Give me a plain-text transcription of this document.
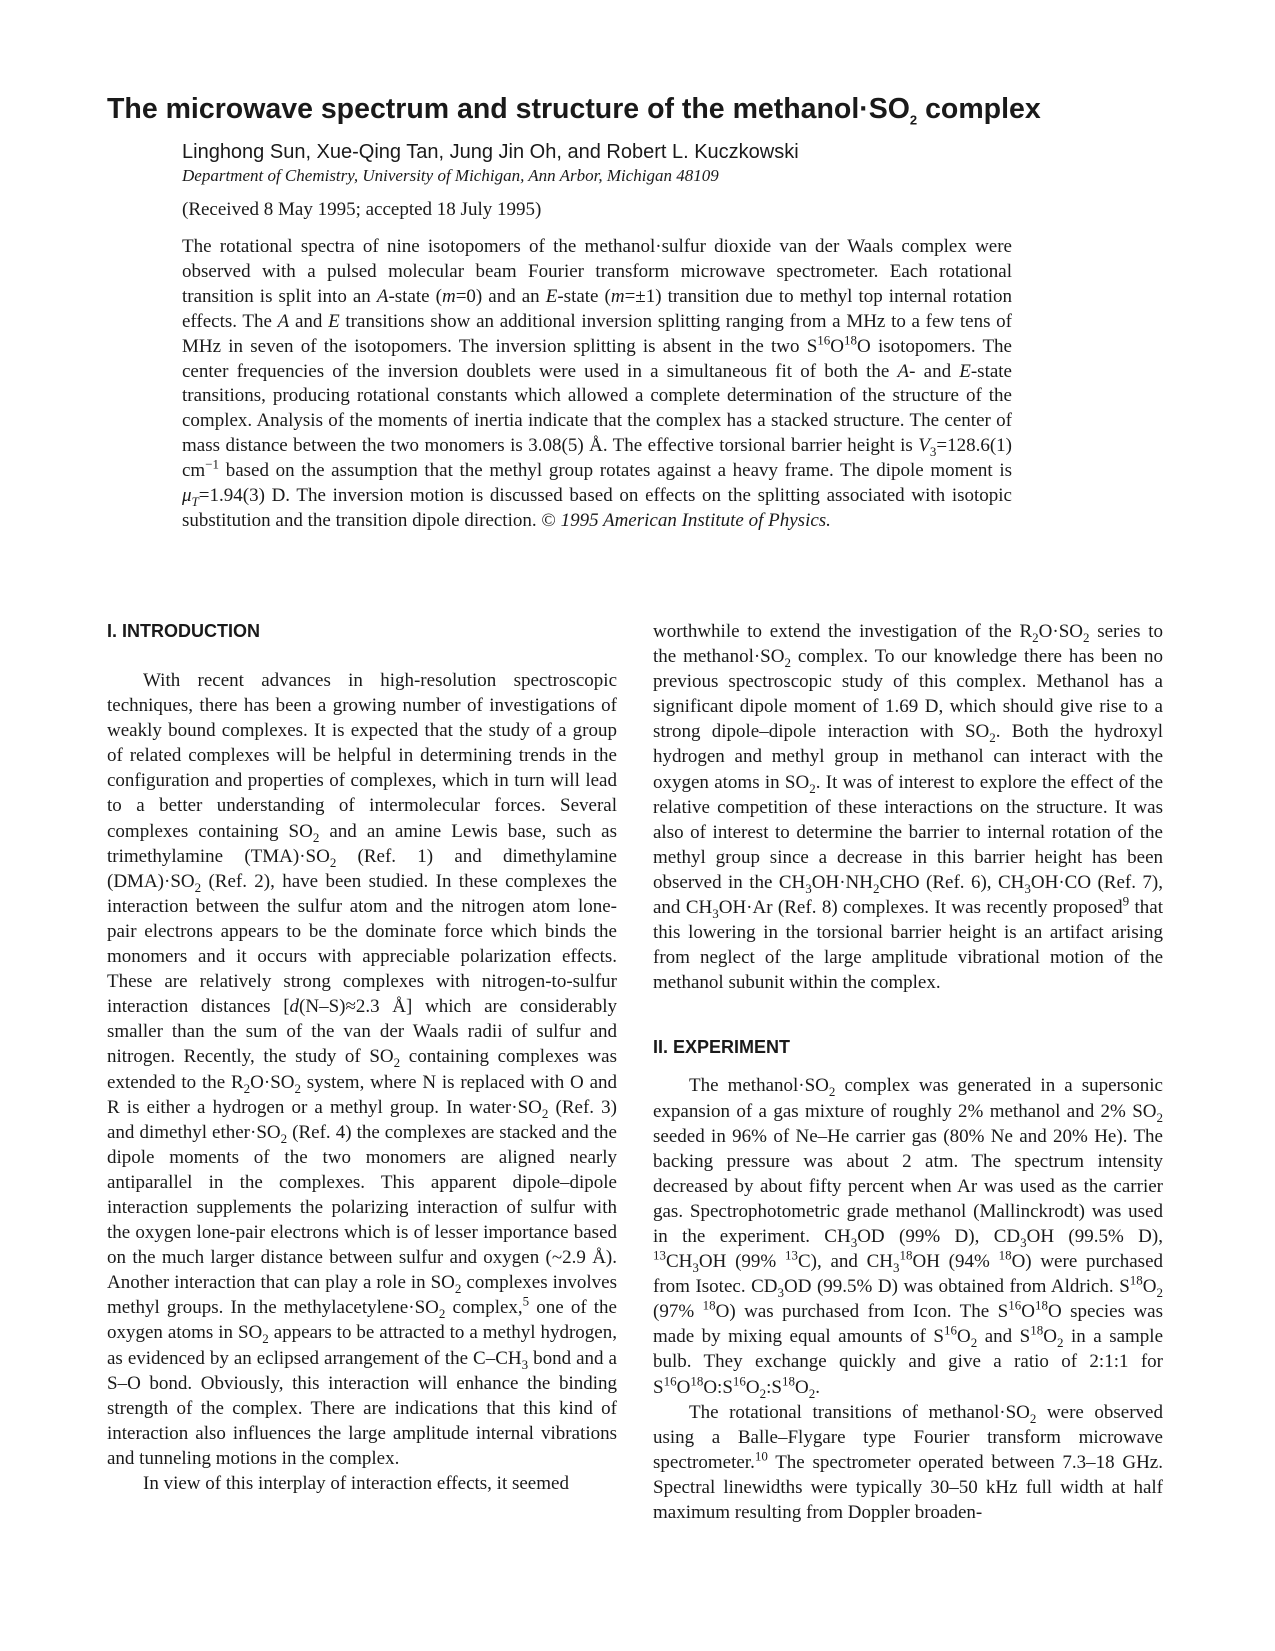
The microwave spectrum and structure of the $methanol\cdot SO_2$ complex
Linghong Sun, Xue-Qing Tan, Jung Jin Oh, and Robert L. Kuczkowski
Department of Chemistry, University of Michigan, Ann Arbor, Michigan 48109
(Received 8 May 1995; accepted 18 July 1995)
The rotational spectra of nine isotopomers of the methanol·sulfur dioxide van der Waals complex were observed with a pulsed molecular beam Fourier transform microwave spectrometer. Each rotational transition is split into an A-state (m=0) and an E-state (m=±1) transition due to methyl top internal rotation effects. The A and E transitions show an additional inversion splitting ranging from a MHz to a few tens of MHz in seven of the isotopomers. The inversion splitting is absent in the two $S^{16}O^{18}O$ isotopomers. The center frequencies of the inversion doublets were used in a simultaneous fit of both the A- and E-state transitions, producing rotational constants which allowed a complete determination of the structure of the complex. Analysis of the moments of inertia indicate that the complex has a stacked structure. The center of mass distance between the two monomers is 3.08(5) Å. The effective torsional barrier height is $V_3=128.6(1)$ $cm^{-1}$ based on the assumption that the methyl group rotates against a heavy frame. The dipole moment is $\mu_T=1.94(3)$ D. The inversion motion is discussed based on effects on the splitting associated with isotopic substitution and the transition dipole direction. © 1995 American Institute of Physics.

I. INTRODUCTION

With recent advances in high-resolution spectroscopic techniques, there has been a growing number of investigations of weakly bound complexes. It is expected that the study of a group of related complexes will be helpful in determining trends in the configuration and properties of complexes, which in turn will lead to a better understanding of intermolecular forces. Several complexes containing $SO_2$ and an amine Lewis base, such as trimethylamine $(TMA)\cdot SO_2$ (Ref. 1) and dimethylamine $(DMA)\cdot SO_2$ (Ref. 2), have been studied. In these complexes the interaction between the sulfur atom and the nitrogen atom lone-pair electrons appears to be the dominate force which binds the monomers and it occurs with appreciable polarization effects. These are relatively strong complexes with nitrogen-to-sulfur interaction distances [d(N–S)≈2.3 Å] which are considerably smaller than the sum of the van der Waals radii of sulfur and nitrogen. Recently, the study of $SO_2$ containing complexes was extended to the $R_2O\cdot SO_2$ system, where N is replaced with O and R is either a hydrogen or a methyl group. In $water\cdot SO_2$ (Ref. 3) and dimethyl $ether\cdot SO_2$ (Ref. 4) the complexes are stacked and the dipole moments of the two monomers are aligned nearly antiparallel in the complexes. This apparent dipole–dipole interaction supplements the polarizing interaction of sulfur with the oxygen lone-pair electrons which is of lesser importance based on the much larger distance between sulfur and oxygen (~2.9 Å). Another interaction that can play a role in $SO_2$ complexes involves methyl groups. In the $methylacetylene\cdot SO_2$ complex,$^5$ one of the oxygen atoms in $SO_2$ appears to be attracted to a methyl hydrogen, as evidenced by an eclipsed arrangement of the $C-CH_3$ bond and a S–O bond. Obviously, this interaction will enhance the binding strength of the complex. There are indications that this kind of interaction also influences the large amplitude internal vibrations and tunneling motions in the complex.

In view of this interplay of interaction effects, it seemed

worthwhile to extend the investigation of the $R_2O\cdot SO_2$ series to the $methanol\cdot SO_2$ complex. To our knowledge there has been no previous spectroscopic study of this complex. Methanol has a significant dipole moment of 1.69 D, which should give rise to a strong dipole–dipole interaction with $SO_2$. Both the hydroxyl hydrogen and methyl group in methanol can interact with the oxygen atoms in $SO_2$. It was of interest to explore the effect of the relative competition of these interactions on the structure. It was also of interest to determine the barrier to internal rotation of the methyl group since a decrease in this barrier height has been observed in the $CH_3OH\cdot NH_2CHO$ (Ref. 6), $CH_3OH\cdot CO$ (Ref. 7), and $CH_3OH\cdot Ar$ (Ref. 8) complexes. It was recently proposed$^9$ that this lowering in the torsional barrier height is an artifact arising from neglect of the large amplitude vibrational motion of the methanol subunit within the complex.

II. EXPERIMENT

The $methanol\cdot SO_2$ complex was generated in a supersonic expansion of a gas mixture of roughly 2% methanol and 2% $SO_2$ seeded in 96% of Ne–He carrier gas (80% Ne and 20% He). The backing pressure was about 2 atm. The spectrum intensity decreased by about fifty percent when Ar was used as the carrier gas. Spectrophotometric grade methanol (Mallinckrodt) was used in the experiment. $CH_3OD$ (99% D), $CD_3OH$ (99.5% D), $^{13}CH_3OH$ (99% $^{13}$C), and $CH_3^{18}OH$ (94% $^{18}$O) were purchased from Isotec. $CD_3OD$ (99.5% D) was obtained from Aldrich. $S^{18}O_2$ (97% $^{18}$O) was purchased from Icon. The $S^{16}O^{18}O$ species was made by mixing equal amounts of $S^{16}O_2$ and $S^{18}O_2$ in a sample bulb. They exchange quickly and give a ratio of 2:1:1 for $S^{16}O^{18}O:S^{16}O_2:S^{18}O_2$.

The rotational transitions of $methanol\cdot SO_2$ were observed using a Balle–Flygare type Fourier transform microwave spectrometer.$^{10}$ The spectrometer operated between 7.3–18 GHz. Spectral linewidths were typically 30–50 kHz full width at half maximum resulting from Doppler broaden-
